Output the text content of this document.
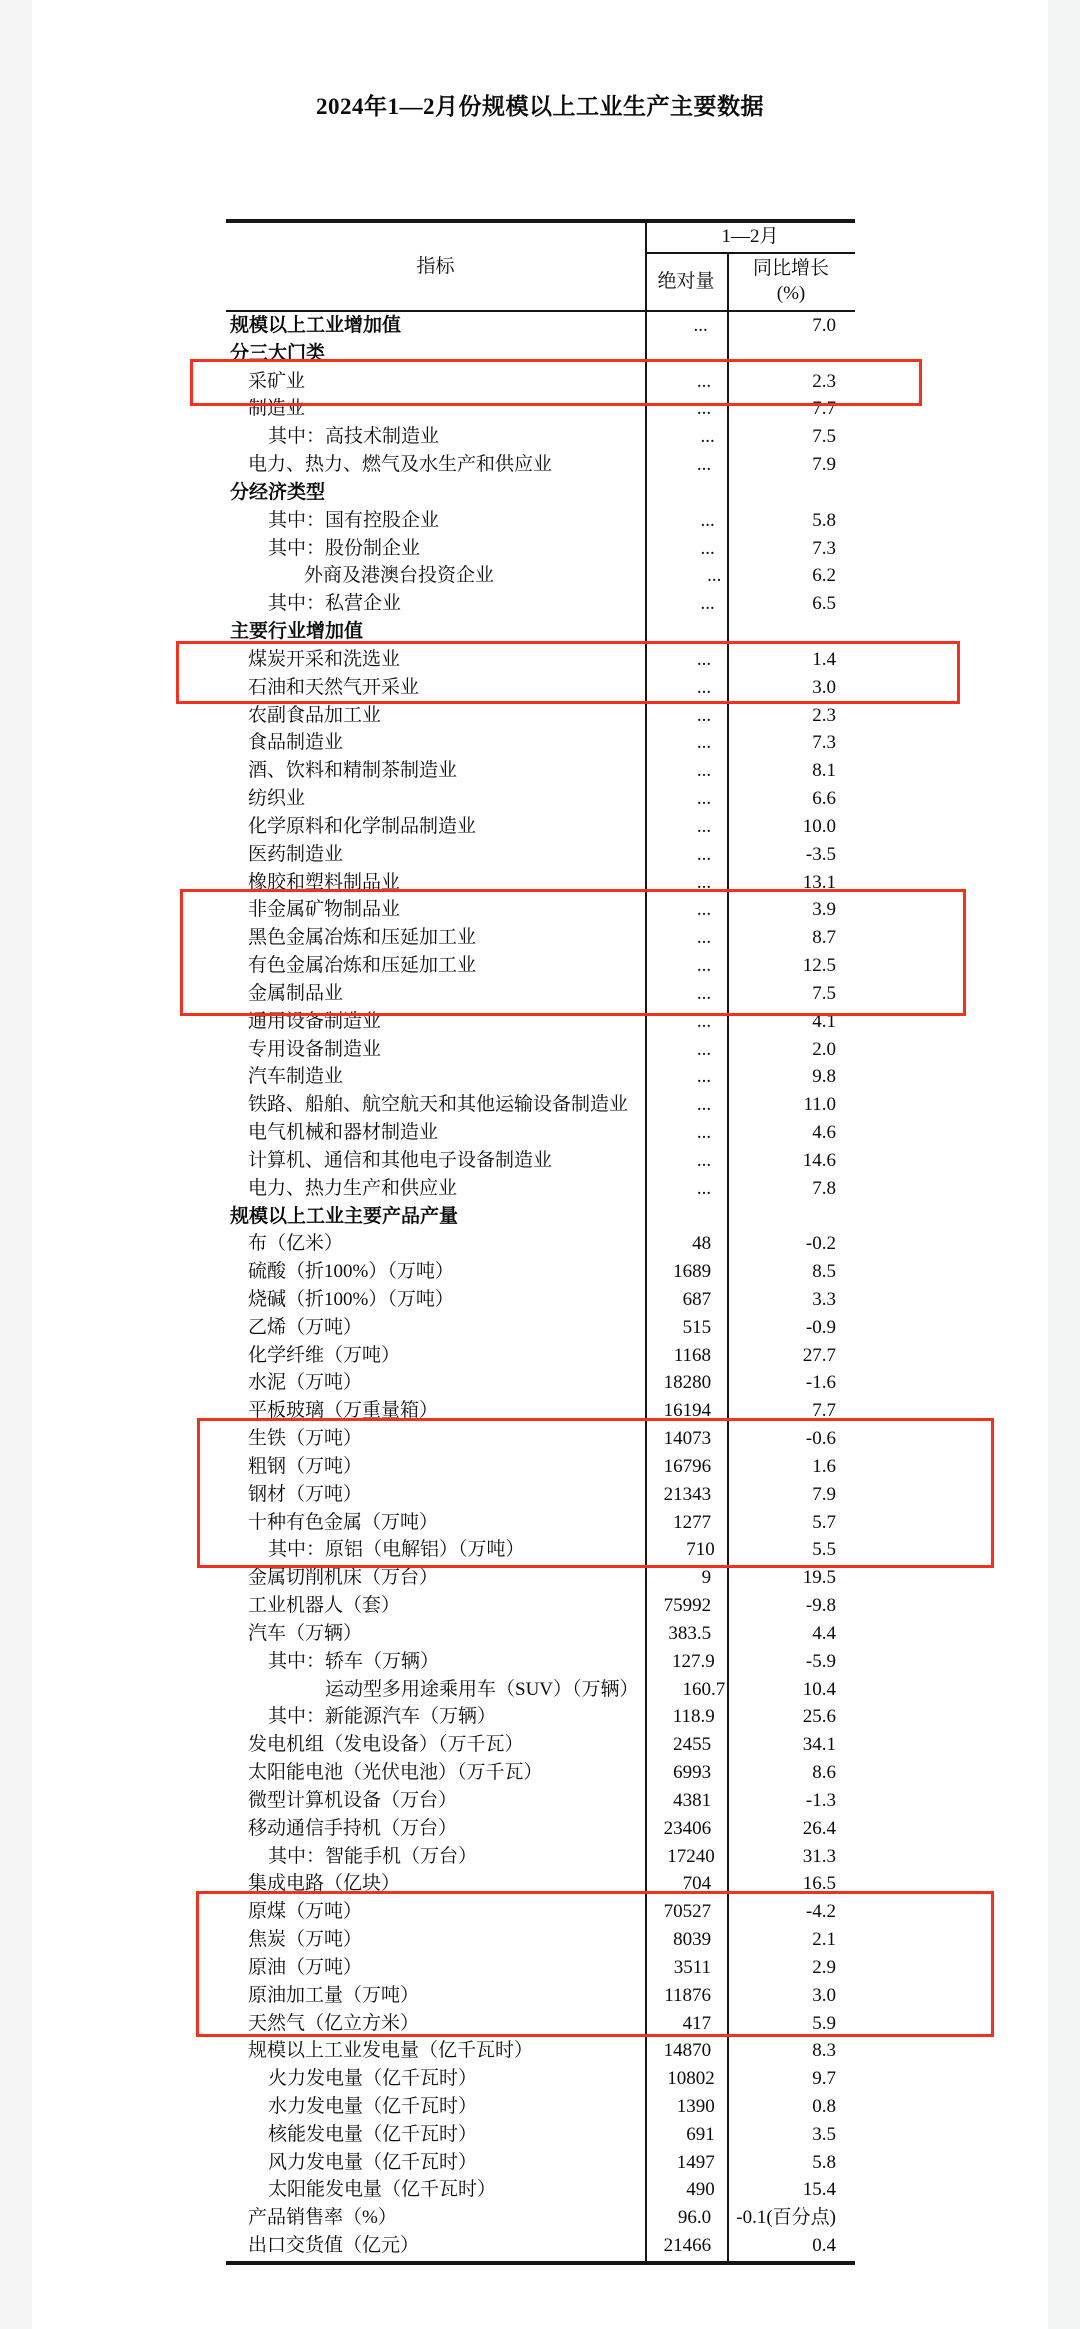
2024年1—2月份规模以上工业生产主要数据
指标
1—2月
绝对量
同比增长
(%)
规模以上工业增加值	...	7.0
分三大门类
采矿业	...	2.3
制造业	...	7.7
其中：高技术制造业	...	7.5
电力、热力、燃气及水生产和供应业	...	7.9
分经济类型
其中：国有控股企业	...	5.8
其中：股份制企业	...	7.3
外商及港澳台投资企业	...	6.2
其中：私营企业	...	6.5
主要行业增加值
煤炭开采和洗选业	...	1.4
石油和天然气开采业	...	3.0
农副食品加工业	...	2.3
食品制造业	...	7.3
酒、饮料和精制茶制造业	...	8.1
纺织业	...	6.6
化学原料和化学制品制造业	...	10.0
医药制造业	...	-3.5
橡胶和塑料制品业	...	13.1
非金属矿物制品业	...	3.9
黑色金属冶炼和压延加工业	...	8.7
有色金属冶炼和压延加工业	...	12.5
金属制品业	...	7.5
通用设备制造业	...	4.1
专用设备制造业	...	2.0
汽车制造业	...	9.8
铁路、船舶、航空航天和其他运输设备制造业	...	11.0
电气机械和器材制造业	...	4.6
计算机、通信和其他电子设备制造业	...	14.6
电力、热力生产和供应业	...	7.8
规模以上工业主要产品产量
布（亿米）	48	-0.2
硫酸（折100%）（万吨）	1689	8.5
烧碱（折100%）（万吨）	687	3.3
乙烯（万吨）	515	-0.9
化学纤维（万吨）	1168	27.7
水泥（万吨）	18280	-1.6
平板玻璃（万重量箱）	16194	7.7
生铁（万吨）	14073	-0.6
粗钢（万吨）	16796	1.6
钢材（万吨）	21343	7.9
十种有色金属（万吨）	1277	5.7
其中：原铝（电解铝）（万吨）	710	5.5
金属切削机床（万台）	9	19.5
工业机器人（套）	75992	-9.8
汽车（万辆）	383.5	4.4
其中：轿车（万辆）	127.9	-5.9
运动型多用途乘用车（SUV）（万辆）	160.7	10.4
其中：新能源汽车（万辆）	118.9	25.6
发电机组（发电设备）（万千瓦）	2455	34.1
太阳能电池（光伏电池）（万千瓦）	6993	8.6
微型计算机设备（万台）	4381	-1.3
移动通信手持机（万台）	23406	26.4
其中：智能手机（万台）	17240	31.3
集成电路（亿块）	704	16.5
原煤（万吨）	70527	-4.2
焦炭（万吨）	8039	2.1
原油（万吨）	3511	2.9
原油加工量（万吨）	11876	3.0
天然气（亿立方米）	417	5.9
规模以上工业发电量（亿千瓦时）	14870	8.3
火力发电量（亿千瓦时）	10802	9.7
水力发电量（亿千瓦时）	1390	0.8
核能发电量（亿千瓦时）	691	3.5
风力发电量（亿千瓦时）	1497	5.8
太阳能发电量（亿千瓦时）	490	15.4
产品销售率（%）	96.0	-0.1(百分点)
出口交货值（亿元）	21466	0.4
